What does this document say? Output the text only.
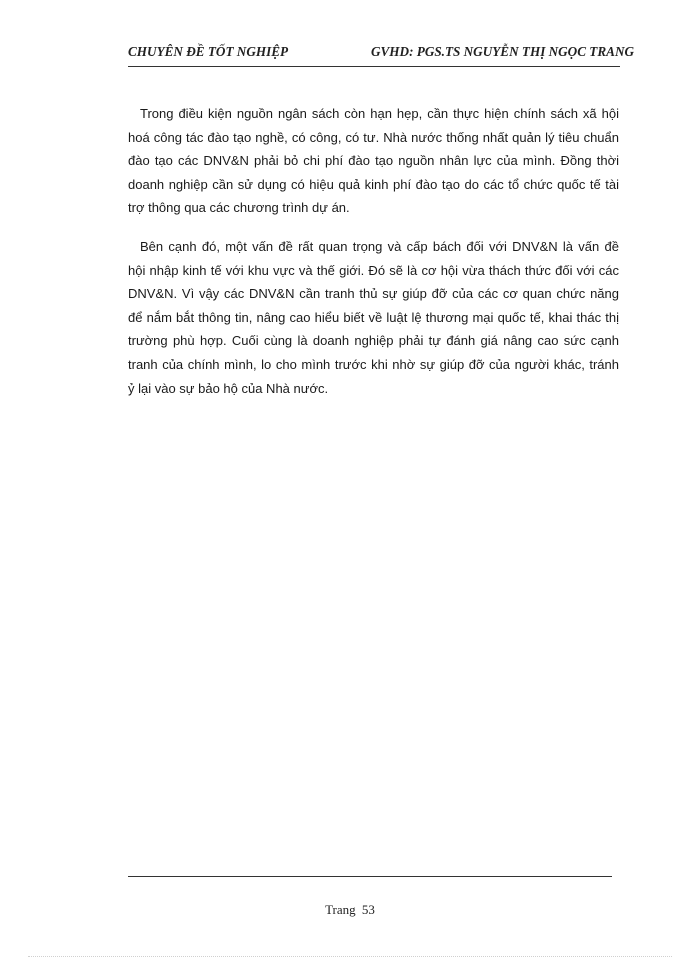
CHUYÊN ĐỀ TỐT NGHIỆP	GVHD: PGS.TS NGUYỄN THỊ NGỌC TRANG
Trong điều kiện nguồn ngân sách còn hạn hẹp, cần thực hiện chính sách xã hội
hoá công tác đào tạo nghề, có công, có tư. Nhà nước thống nhất quản lý tiêu chuẩn
đào tạo các DNV&N phải bỏ chi phí đào tạo nguồn nhân lực của mình. Đồng thời
doanh nghiệp cần sử dụng có hiệu quả kinh phí đào tạo do các tổ chức quốc tế tài
trợ thông qua các chương trình dự án.
Bên cạnh đó, một vấn đề rất quan trọng và cấp bách đối với DNV&N là vấn đề
hội nhập kinh tế với khu vực và thế giới. Đó sẽ là cơ hội vừa thách thức đối với các
DNV&N. Vì vậy các DNV&N cần tranh thủ sự giúp đỡ của các cơ quan chức năng
để nắm bắt thông tin, nâng cao hiểu biết về luật lệ thương mại quốc tế, khai thác thị
trường phù hợp. Cuối cùng là doanh nghiệp phải tự đánh giá nâng cao sức cạnh
tranh của chính mình, lo cho mình trước khi nhờ sự giúp đỡ của người khác, tránh
ỷ lại vào sự bảo hộ của Nhà nước.
Trang 53
